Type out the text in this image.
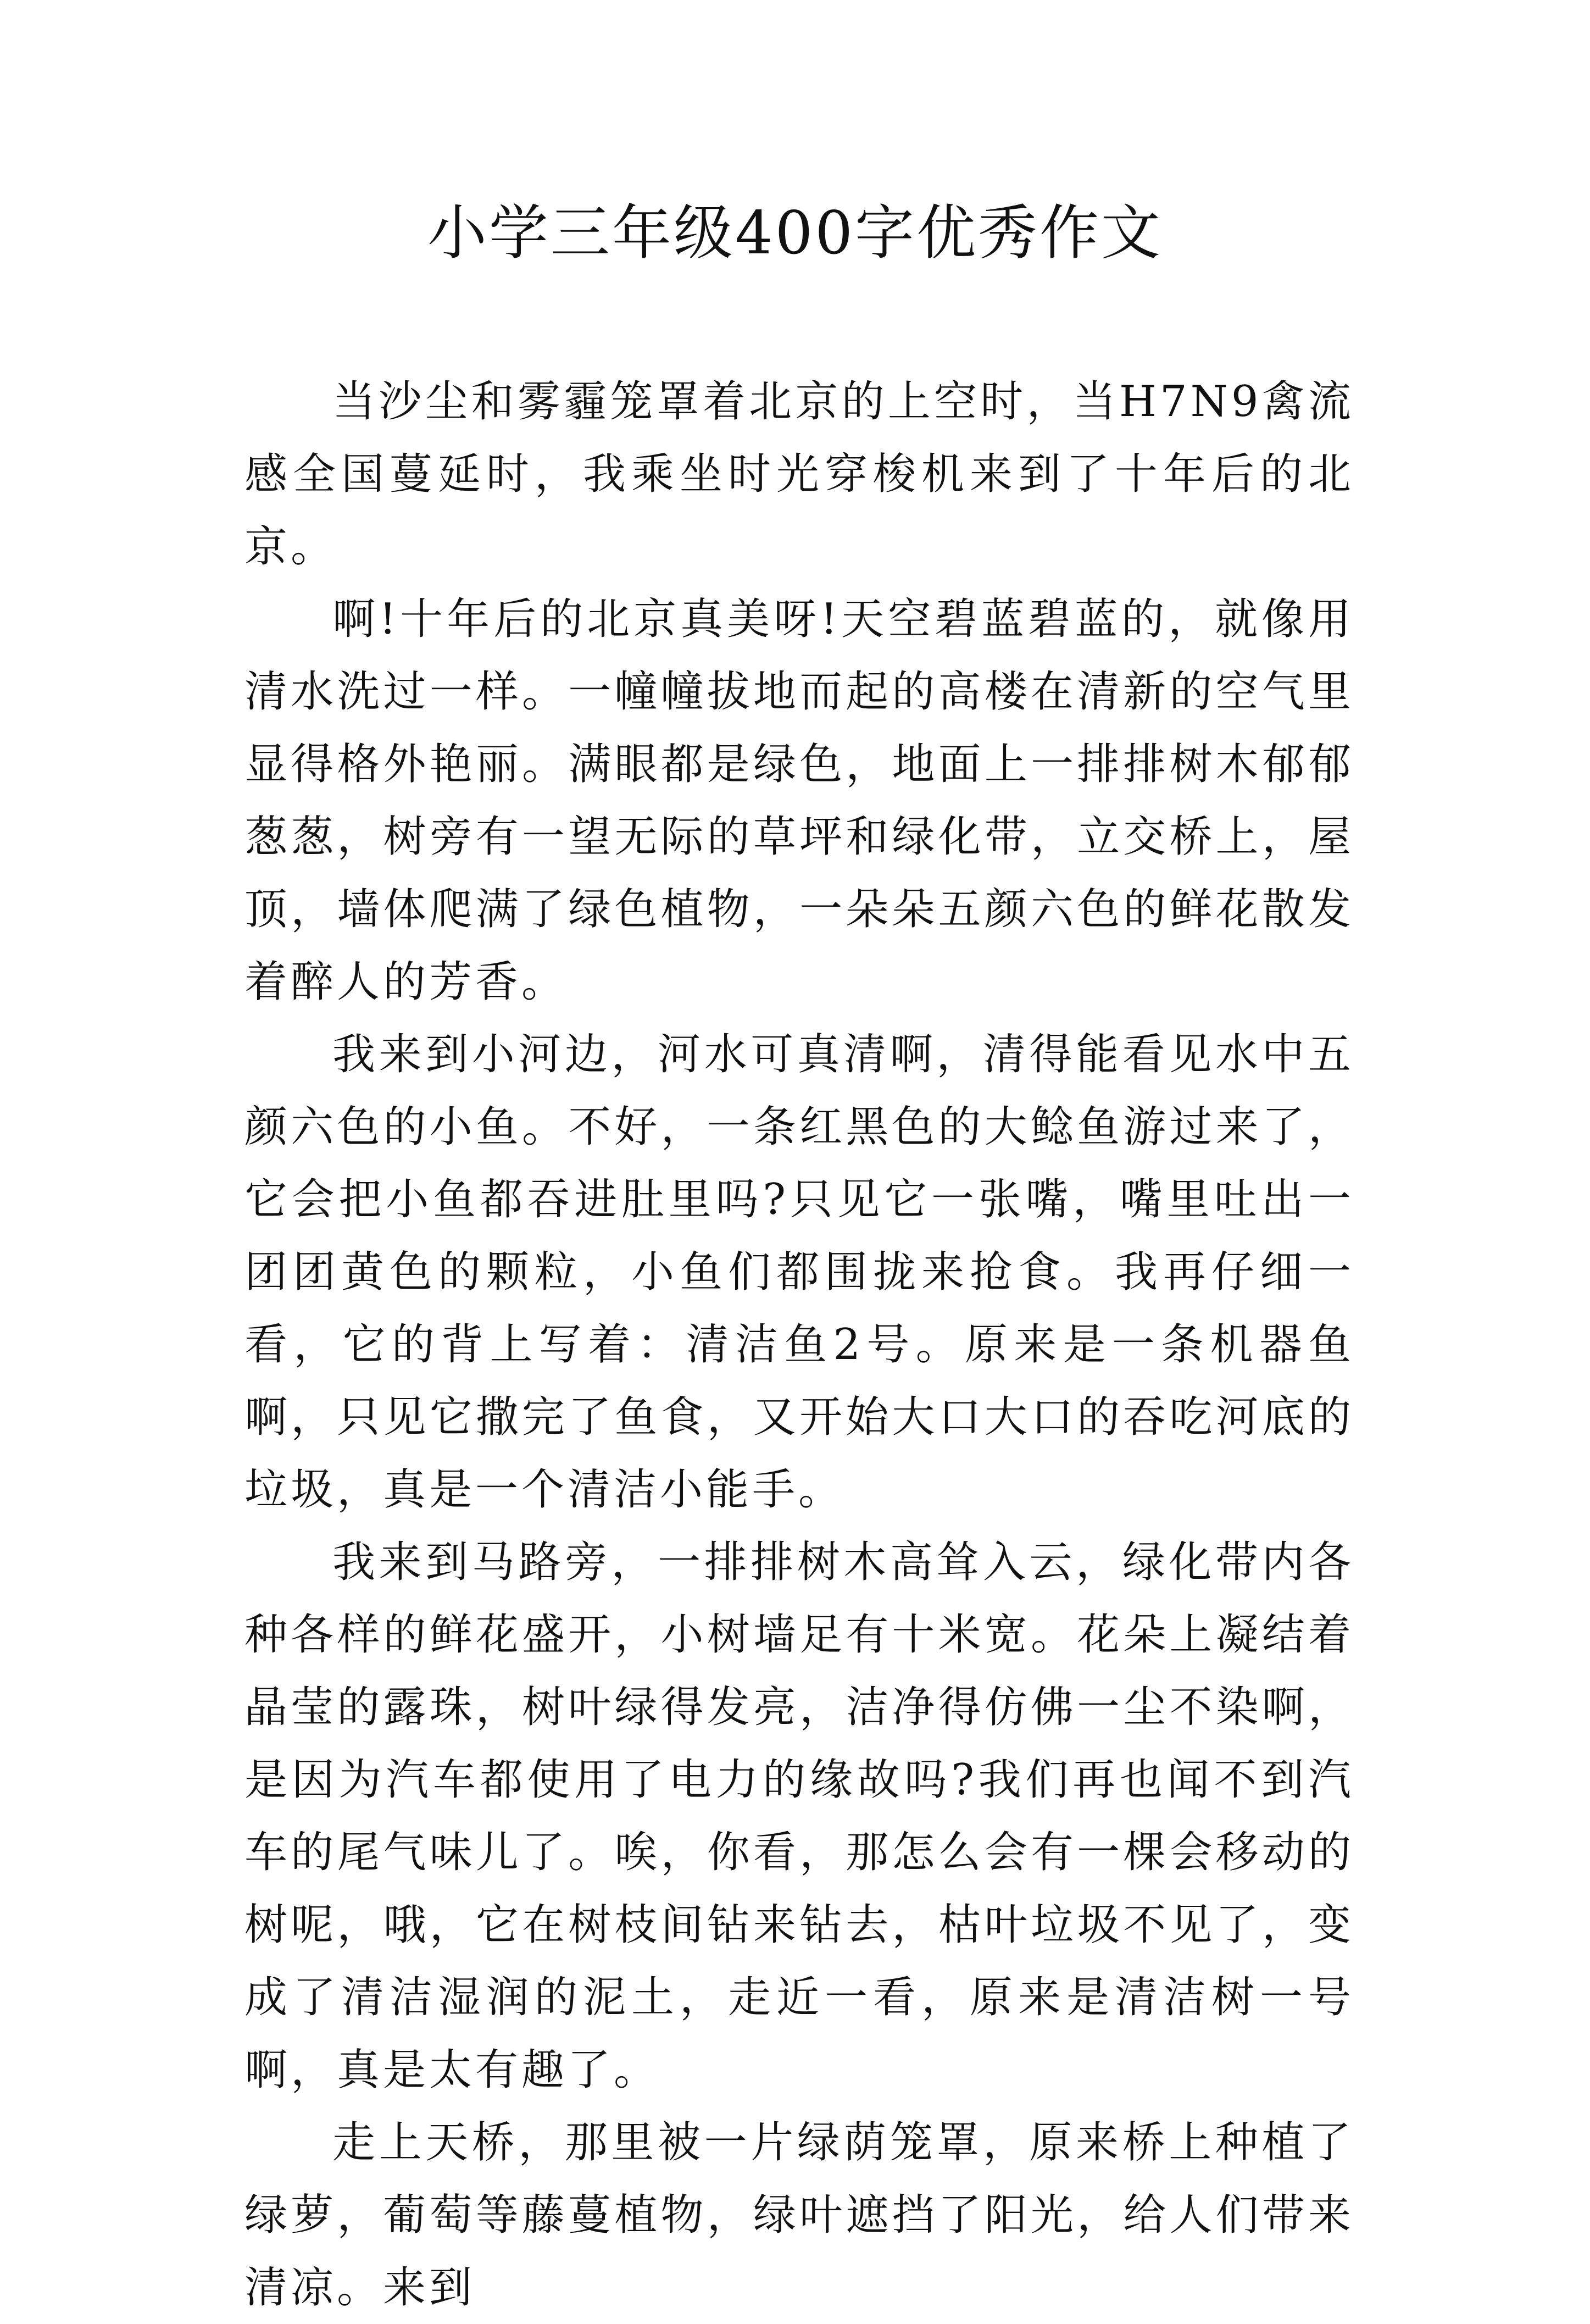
小学三年级400字优秀作文

当沙尘和雾霾笼罩着北京的上空时，当H7N9禽流感全国蔓延时，我乘坐时光穿梭机来到了十年后的北京。

啊!十年后的北京真美呀!天空碧蓝碧蓝的，就像用清水洗过一样。一幢幢拔地而起的高楼在清新的空气里显得格外艳丽。满眼都是绿色，地面上一排排树木郁郁葱葱，树旁有一望无际的草坪和绿化带，立交桥上，屋顶，墙体爬满了绿色植物，一朵朵五颜六色的鲜花散发着醉人的芳香。

我来到小河边，河水可真清啊，清得能看见水中五颜六色的小鱼。不好，一条红黑色的大鲶鱼游过来了，它会把小鱼都吞进肚里吗?只见它一张嘴，嘴里吐出一团团黄色的颗粒，小鱼们都围拢来抢食。我再仔细一看，它的背上写着：清洁鱼2号。原来是一条机器鱼啊，只见它撒完了鱼食，又开始大口大口的吞吃河底的垃圾，真是一个清洁小能手。

我来到马路旁，一排排树木高耸入云，绿化带内各种各样的鲜花盛开，小树墙足有十米宽。花朵上凝结着晶莹的露珠，树叶绿得发亮，洁净得仿佛一尘不染啊，是因为汽车都使用了电力的缘故吗?我们再也闻不到汽车的尾气味儿了。唉，你看，那怎么会有一棵会移动的树呢，哦，它在树枝间钻来钻去，枯叶垃圾不见了，变成了清洁湿润的泥土，走近一看，原来是清洁树一号啊，真是太有趣了。

走上天桥，那里被一片绿荫笼罩，原来桥上种植了绿萝，葡萄等藤蔓植物，绿叶遮挡了阳光，给人们带来清凉。来到
